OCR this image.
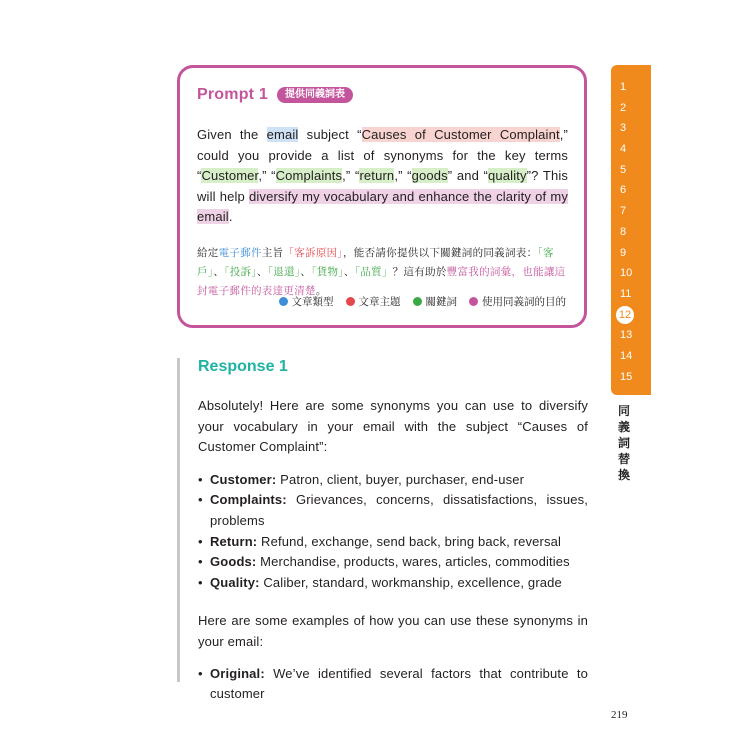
Prompt 1	提供同義詞表

Given the email subject “Causes of Customer Complaint,” could you provide a list of synonyms for the key terms “Customer,” “Complaints,” “return,” “goods” and “quality”? This will help diversify my vocabulary and enhance the clarity of my email.

給定電子郵件主旨「客訴原因」，能否請你提供以下關鍵詞的同義詞表：「客戶」、「投訴」、「退還」、「貨物」、「品質」？這有助於豐富我的詞彙，也能讓這封電子郵件的表達更清楚。

文章類型 文章主題 關鍵詞 使用同義詞的目的
Response 1

Absolutely! Here are some synonyms you can use to diversify your vocabulary in your email with the subject “Causes of Customer Complaint”:

• Customer: Patron, client, buyer, purchaser, end-user
• Complaints: Grievances, concerns, dissatisfactions, issues, problems
• Return: Refund, exchange, send back, bring back, reversal
• Goods: Merchandise, products, wares, articles, commodities
• Quality: Caliber, standard, workmanship, excellence, grade

Here are some examples of how you can use these synonyms in your email:

• Original: We’ve identified several factors that contribute to customer
1
2
3
4
5
6
7
8
9
10
11
12
13
14
15
同義詞替換
219
